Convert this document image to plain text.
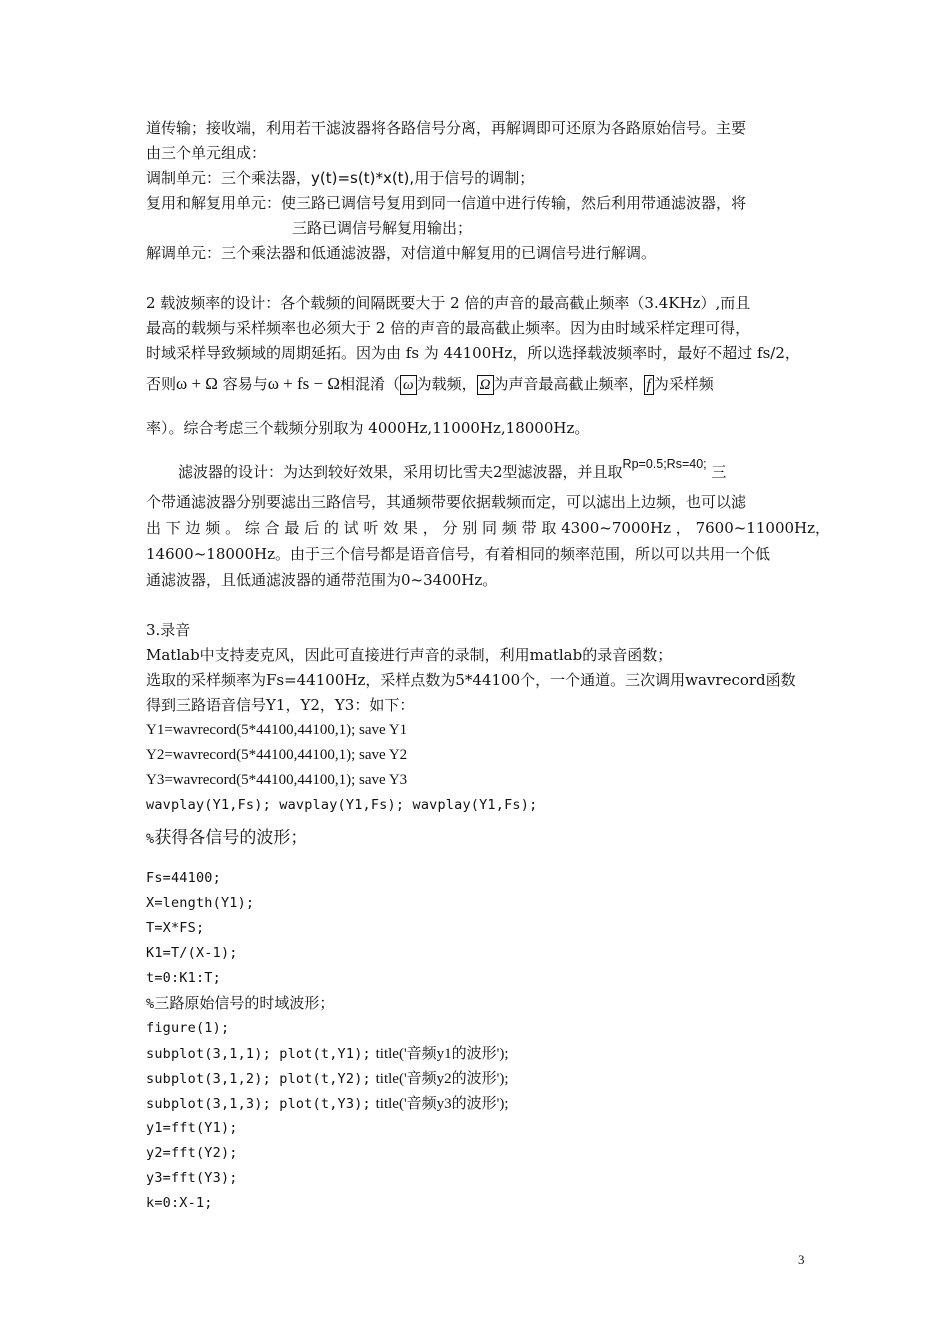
道传输；接收端，利用若干滤波器将各路信号分离，再解调即可还原为各路原始信号。主要
由三个单元组成：
调制单元：三个乘法器，y(t)=s(t)*x(t),用于信号的调制；
复用和解复用单元：使三路已调信号复用到同一信道中进行传输，然后利用带通滤波器，将
三路已调信号解复用输出；
解调单元：三个乘法器和低通滤波器，对信道中解复用的已调信号进行解调。
2 载波频率的设计：各个载频的间隔既要大于 2 倍的声音的最高截止频率（3.4KHz）,而且
最高的载频与采样频率也必须大于 2 倍的声音的最高截止频率。因为由时域采样定理可得，
时域采样导致频域的周期延拓。因为由 fs 为 44100Hz，所以选择载波频率时，最好不超过 fs/2，
否则ω + Ω 容易与ω + fs − Ω相混淆（ ω 为载频， Ω 为声音最高截止频率， f 为采样频
率）。综合考虑三个载频分别取为 4000Hz,11000Hz,18000Hz。
滤波器的设计：为达到较好效果，采用切比雪夫2型滤波器，并且取$^{Rp=0.5;Rs=40;}$ 三
个带通滤波器分别要滤出三路信号，其通频带要依据载频而定，可以滤出上边频，也可以滤
出 下 边 频 。 综 合 最 后 的 试 听 效 果 ， 分 别 同 频 带 取 4300~7000Hz ， 7600~11000Hz，
14600~18000Hz。由于三个信号都是语音信号，有着相同的频率范围，所以可以共用一个低
通滤波器，且低通滤波器的通带范围为0~3400Hz。
3.录音
Matlab中支持麦克风，因此可直接进行声音的录制，利用matlab的录音函数；
选取的采样频率为Fs=44100Hz，采样点数为5*44100个，一个通道。三次调用wavrecord函数
得到三路语音信号Y1，Y2，Y3：如下：
Y1=wavrecord(5*44100,44100,1); save Y1
Y2=wavrecord(5*44100,44100,1); save Y2
Y3=wavrecord(5*44100,44100,1); save Y3
wavplay(Y1,Fs); wavplay(Y1,Fs); wavplay(Y1,Fs);
%获得各信号的波形；
Fs=44100;
X=length(Y1);
T=X*FS;
K1=T/(X-1);
t=0:K1:T;
%三路原始信号的时域波形；
figure(1);
subplot(3,1,1); plot(t,Y1); title('音频y1的波形');
subplot(3,1,2); plot(t,Y2); title('音频y2的波形');
subplot(3,1,3); plot(t,Y3); title('音频y3的波形');
y1=fft(Y1);
y2=fft(Y2);
y3=fft(Y3);
k=0:X-1;
3
